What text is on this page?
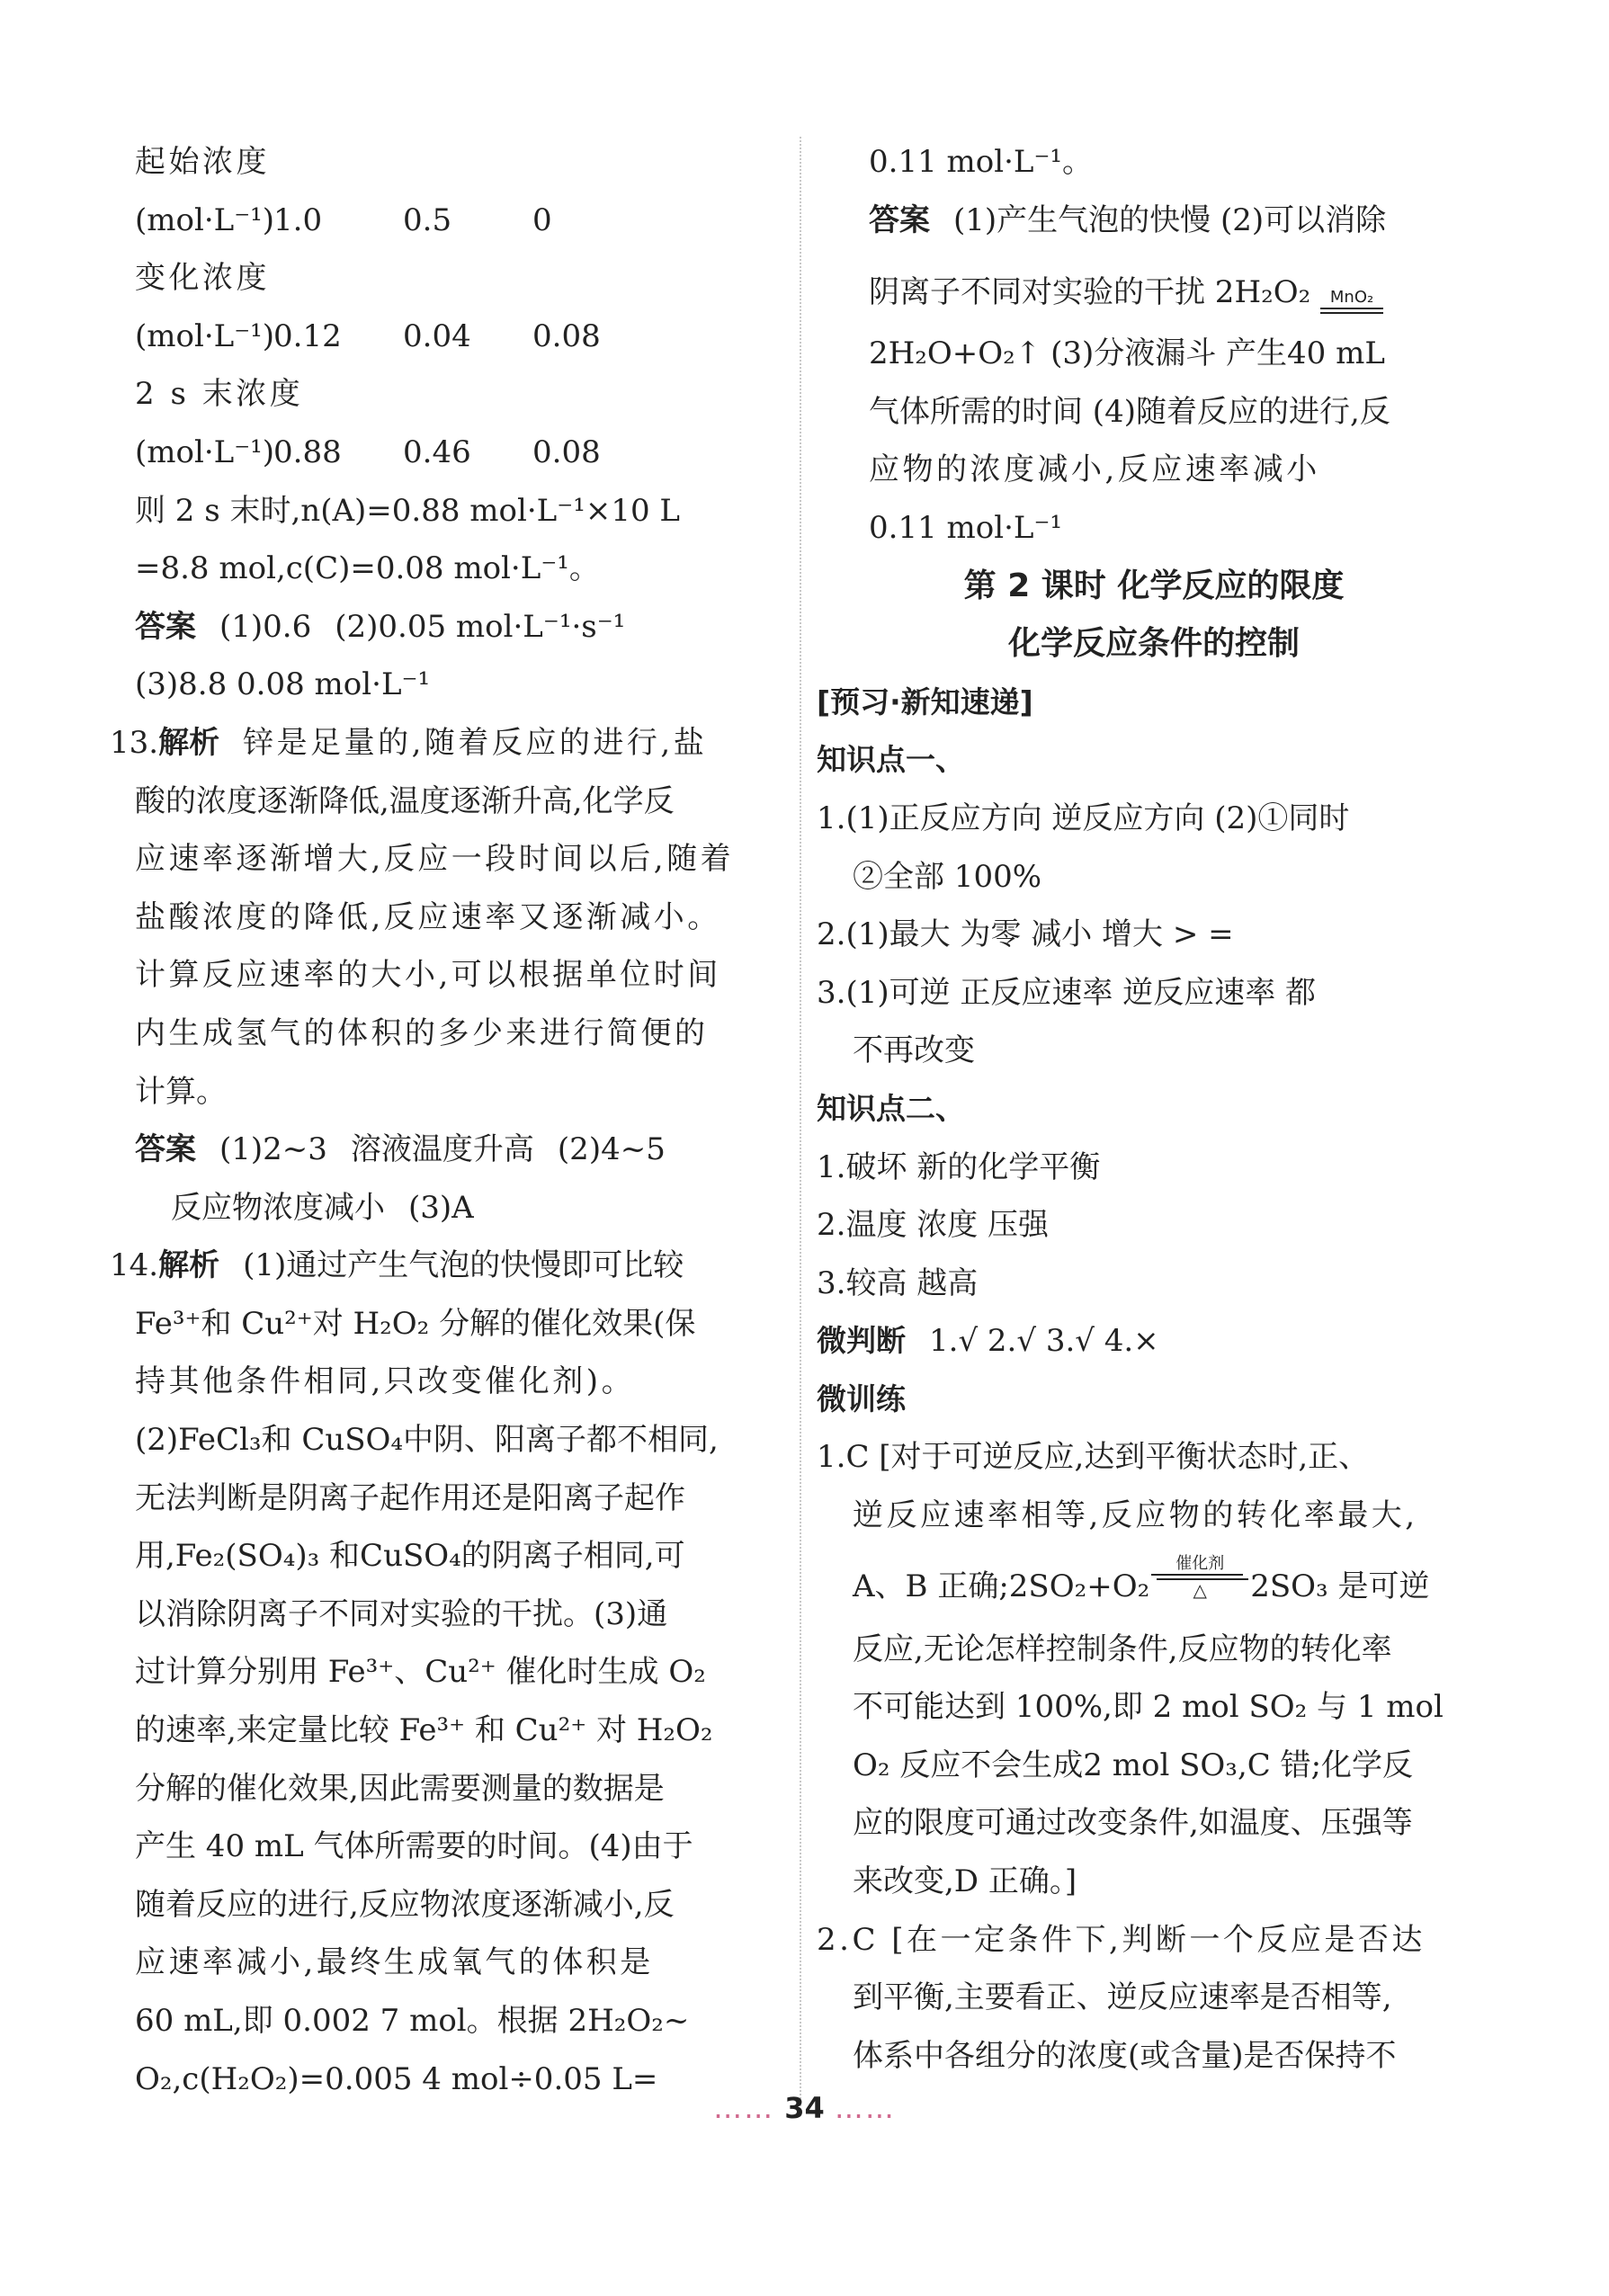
起始浓度
(mol·L⁻¹)1.0	0.5	0
变化浓度
(mol·L⁻¹)0.12 0.04 0.08
2 s 末浓度
(mol·L⁻¹)0.88 0.46 0.08
则 2 s 末时,n(A)=0.88 mol·L⁻¹×10 L
=8.8 mol,c(C)=0.08 mol·L⁻¹。
答案 (1)0.6 (2)0.05 mol·L⁻¹·s⁻¹
(3)8.8 0.08 mol·L⁻¹
13.解析 锌是足量的,随着反应的进行,盐
酸的浓度逐渐降低,温度逐渐升高,化学反
应速率逐渐增大,反应一段时间以后,随着
盐酸浓度的降低,反应速率又逐渐减小。
计算反应速率的大小,可以根据单位时间
内生成氢气的体积的多少来进行简便的
计算。
答案 (1)2~3 溶液温度升高 (2)4~5
反应物浓度减小 (3)A
14.解析 (1)通过产生气泡的快慢即可比较
Fe³⁺和 Cu²⁺对 H₂O₂ 分解的催化效果(保
持其他条件相同,只改变催化剂)。
(2)FeCl₃和 CuSO₄中阴、阳离子都不相同,
无法判断是阴离子起作用还是阳离子起作
用,Fe₂(SO₄)₃ 和CuSO₄的阴离子相同,可
以消除阴离子不同对实验的干扰。(3)通
过计算分别用 Fe³⁺、Cu²⁺ 催化时生成 O₂
的速率,来定量比较 Fe³⁺ 和 Cu²⁺ 对 H₂O₂
分解的催化效果,因此需要测量的数据是
产生 40 mL 气体所需要的时间。(4)由于
随着反应的进行,反应物浓度逐渐减小,反
应速率减小,最终生成氧气的体积是
60 mL,即 0.002 7 mol。根据 2H₂O₂~
O₂,c(H₂O₂)=0.005 4 mol÷0.05 L=
0.11 mol·L⁻¹。
答案 (1)产生气泡的快慢 (2)可以消除
阴离子不同对实验的干扰 2H₂O₂	MnO₂
2H₂O+O₂↑ (3)分液漏斗 产生40 mL
气体所需的时间 (4)随着反应的进行,反
应物的浓度减小,反应速率减小
0.11 mol·L⁻¹
第 2 课时 化学反应的限度
化学反应条件的控制
[预习·新知速递]
知识点一、
1.(1)正反应方向 逆反应方向 (2)①同时
②全部 100%
2.(1)最大 为零 减小 增大 > =
3.(1)可逆 正反应速率 逆反应速率 都
不再改变
知识点二、
1.破坏 新的化学平衡
2.温度 浓度 压强
3.较高 越高
微判断 1.√ 2.√ 3.√ 4.×
微训练
1.C [对于可逆反应,达到平衡状态时,正、
逆反应速率相等,反应物的转化率最大,
A、B 正确;2SO₂+O₂
催化剂
△	2SO₃ 是可逆
反应,无论怎样控制条件,反应物的转化率
不可能达到 100%,即 2 mol SO₂ 与 1 mol
O₂ 反应不会生成2 mol SO₃,C 错;化学反
应的限度可通过改变条件,如温度、压强等
来改变,D 正确。]
2.C [在一定条件下,判断一个反应是否达
到平衡,主要看正、逆反应速率是否相等,
体系中各组分的浓度(或含量)是否保持不
…… 34 ……
